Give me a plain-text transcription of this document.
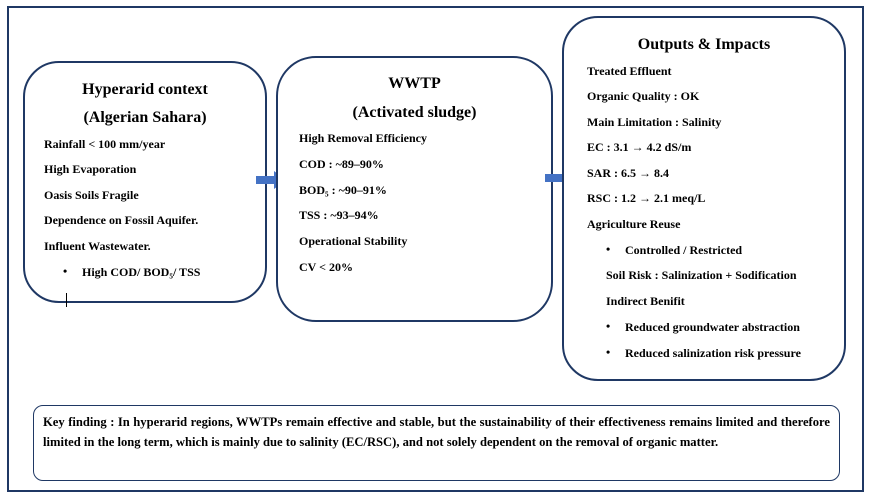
Hyperarid context
(Algerian Sahara)
Rainfall < 100 mm/year
High Evaporation
Oasis Soils Fragile
Dependence on Fossil Aquifer.
Influent Wastewater.
• High COD/ BOD₅/ TSS
WWTP
(Activated sludge)
High Removal Efficiency
COD : ~89–90%
BOD₅ : ~90–91%
TSS : ~93–94%
Operational Stability
CV < 20%
Outputs & Impacts
Treated Effluent
Organic Quality : OK
Main Limitation : Salinity
EC : 3.1 → 4.2 dS/m
SAR : 6.5 → 8.4
RSC : 1.2 → 2.1 meq/L
Agriculture Reuse
• Controlled / Restricted
Soil Risk : Salinization + Sodification
Indirect Benifit
• Reduced groundwater abstraction
• Reduced salinization risk pressure
Key finding : In hyperarid regions, WWTPs remain effective and stable, but the sustainability of their effectiveness remains limited and therefore limited in the long term, which is mainly due to salinity (EC/RSC), and not solely dependent on the removal of organic matter.
